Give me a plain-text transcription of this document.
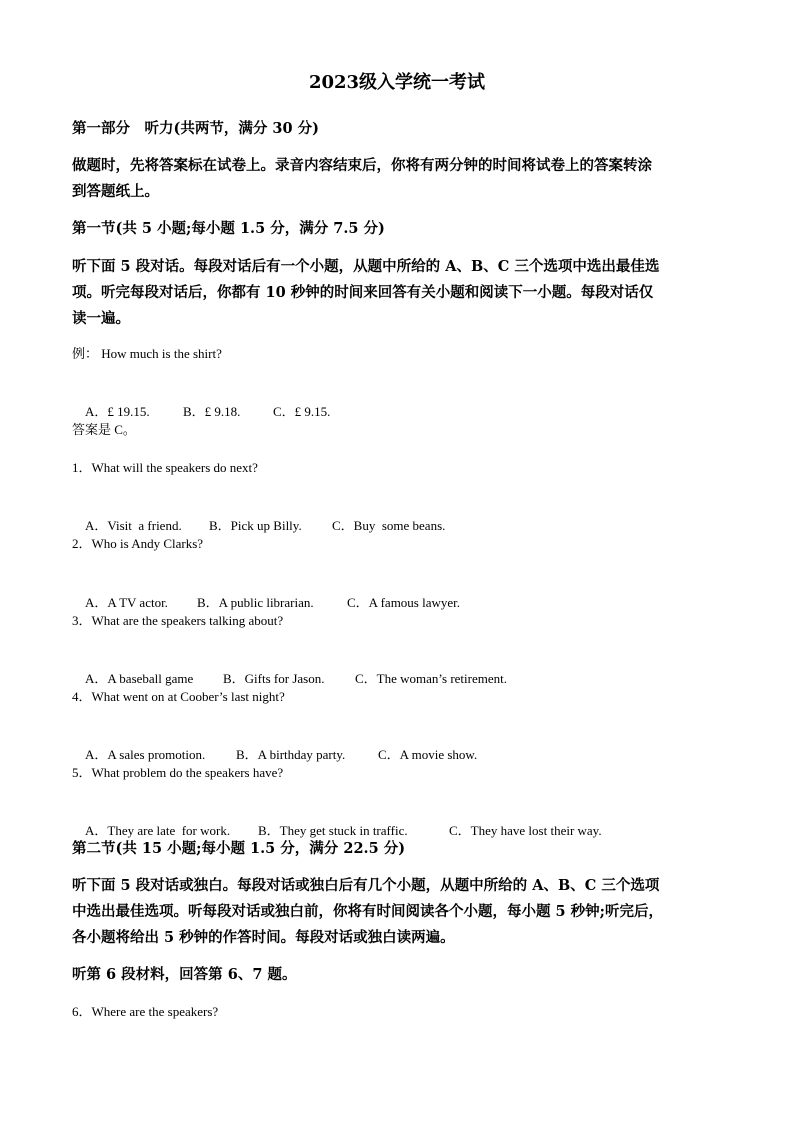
2023级入学统一考试
第一部分　听力(共两节，满分 30 分)
做题时，先将答案标在试卷上。录音内容结束后，你将有两分钟的时间将试卷上的答案转涂
到答题纸上。
第一节(共 5 小题;每小题 1.5 分，满分 7.5 分)
听下面 5 段对话。每段对话后有一个小题，从题中所给的 A、B、C 三个选项中选出最佳选
项。听完每段对话后，你都有 10 秒钟的时间来回答有关小题和阅读下一小题。每段对话仅
读一遍。
例： How much is the shirt?

A．£ 19.15.	B．£ 9.18.	C．£ 9.15.

答案是 C。
1．What will the speakers do next?

A．Visit  a friend. B．Pick up Billy. C．Buy  some beans.

2．Who is Andy Clarks?

A．A TV actor. B．A public librarian.	C．A famous lawyer.

3．What are the speakers talking about?

A．A baseball game B．Gifts for Jason. C．The woman’s retirement.

4．What went on at Coober’s last night?

A．A sales promotion. B．A birthday party.	C．A movie show.

5．What problem do the speakers have?

A．They are late  for work. B．They get stuck in traffic.	C．They have lost their way.

第二节(共 15 小题;每小题 1.5 分，满分 22.5 分)
听下面 5 段对话或独白。每段对话或独白后有几个小题，从题中所给的 A、B、C 三个选项
中选出最佳选项。听每段对话或独白前，你将有时间阅读各个小题，每小题 5 秒钟;听完后，
各小题将给出 5 秒钟的作答时间。每段对话或独白读两遍。
听第 6 段材料，回答第 6、7 题。
6．Where are the speakers?
